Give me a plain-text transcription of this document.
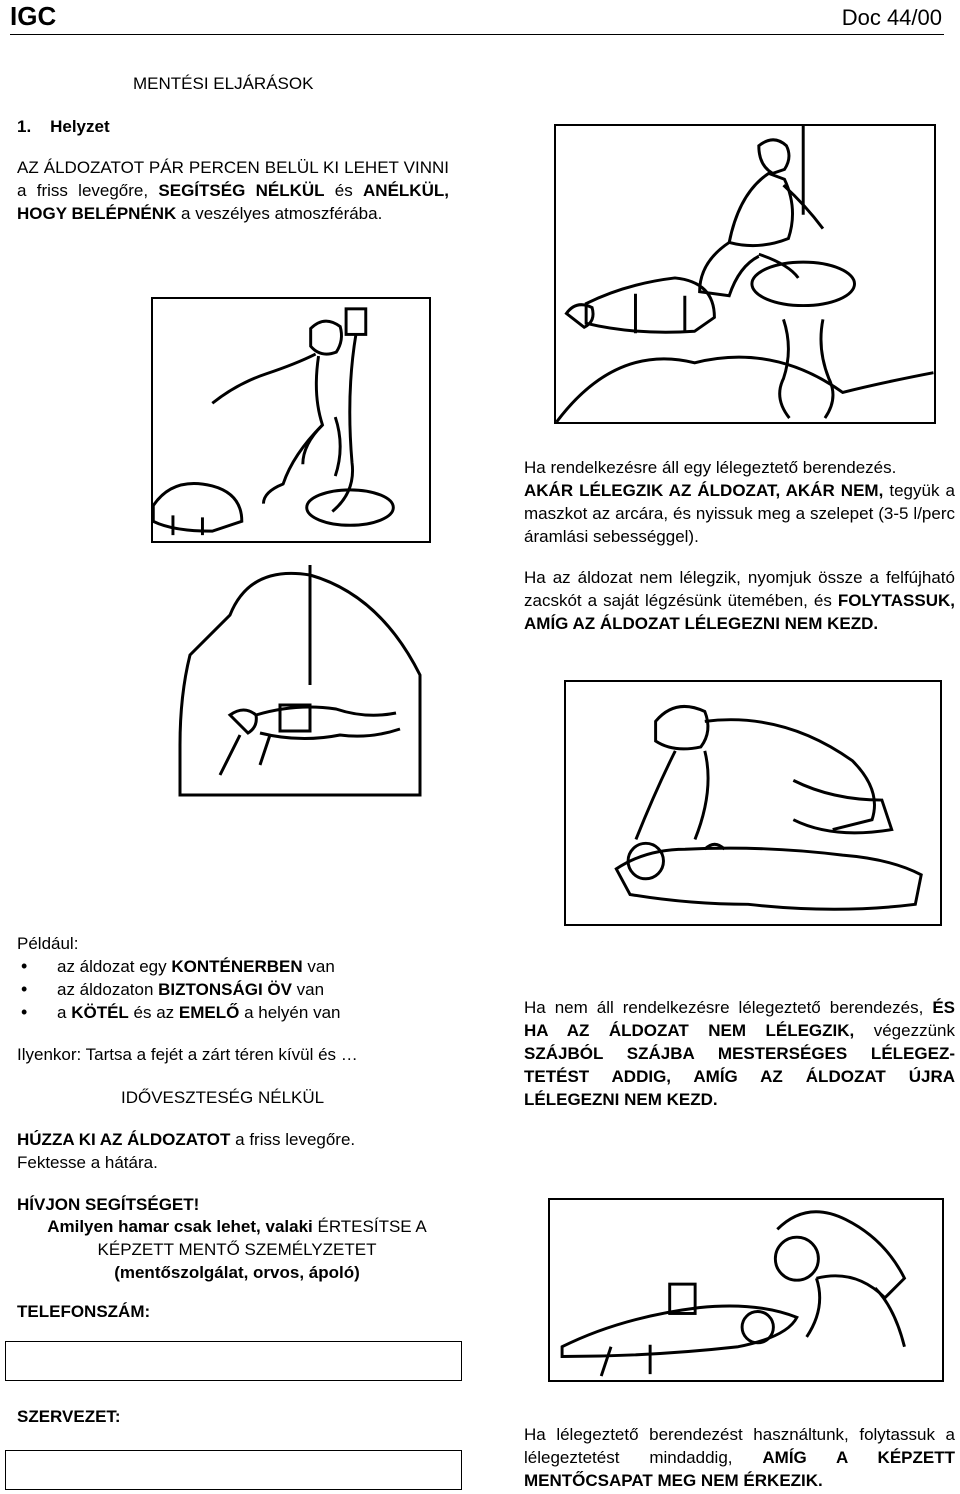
IGC	Doc 44/00
MENTÉSI ELJÁRÁSOK
1. Helyzet
AZ ÁLDOZATOT PÁR PERCEN BELÜL KI LEHET VINNI a friss levegőre, SEGÍTSÉG NÉLKÜL és ANÉLKÜL, HOGY BELÉPNÉNK a veszélyes atmoszférába.
Ha rendelkezésre áll egy lélegeztető berendezés.
AKÁR LÉLEGZIK AZ ÁLDOZAT, AKÁR NEM, tegyük a maszkot az arcára, és nyissuk meg a szelepet (3-5 l/perc áramlási sebességgel).
Ha az áldozat nem lélegzik, nyomjuk össze a felfújható zacskót a saját légzésünk ütemében, és FOLYTASSUK, AMÍG AZ ÁLDOZAT LÉLEGEZNI NEM KEZD.
Például:
• az áldozat egy KONTÉNERBEN van
• az áldozaton BIZTONSÁGI ÖV van
• a KÖTÉL és az EMELŐ a helyén van
Ilyenkor: Tartsa a fejét a zárt téren kívül és …
IDŐVESZTESÉG NÉLKÜL
Ha nem áll rendelkezésre lélegeztető berendezés, ÉS HA AZ ÁLDOZAT NEM LÉLEGZIK, végezzünk SZÁJBÓL SZÁJBA MESTERSÉGES LÉLEGEZ-TETÉST ADDIG, AMÍG AZ ÁLDOZAT ÚJRA LÉLEGEZNI NEM KEZD.
HÚZZA KI AZ ÁLDOZATOT a friss levegőre.
Fektesse a hátára.
HÍVJON SEGÍTSÉGET!
Amilyen hamar csak lehet, valaki ÉRTESÍTSE A
KÉPZETT MENTŐ SZEMÉLYZETET
(mentőszolgálat, orvos, ápoló)
TELEFONSZÁM:
SZERVEZET:
Ha lélegeztető berendezést használtunk, folytassuk a lélegeztetést mindaddig, AMÍG A KÉPZETT MENTŐCSAPAT MEG NEM ÉRKEZIK.
